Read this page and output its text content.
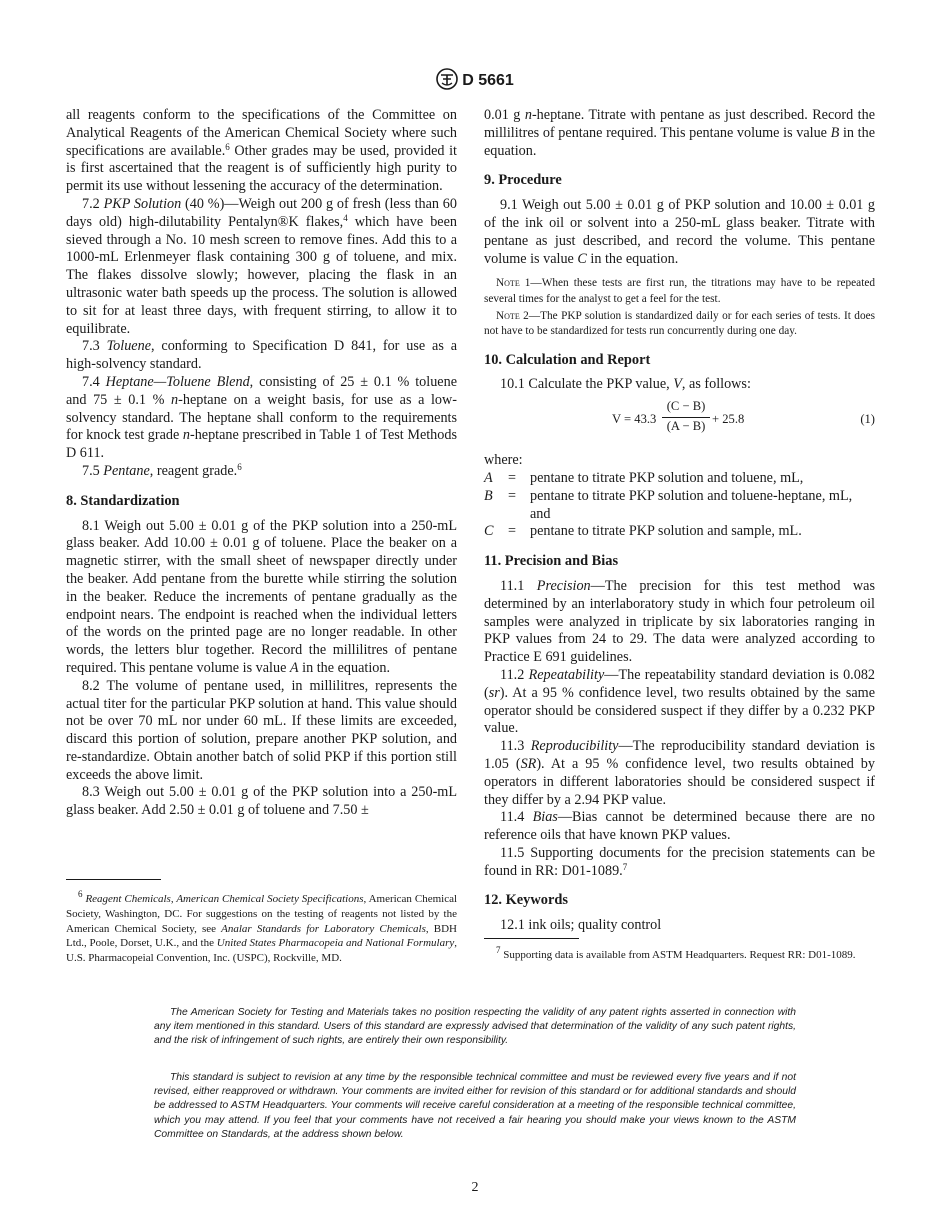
D 5661

all reagents conform to the specifications of the Committee on Analytical Reagents of the American Chemical Society where such specifications are available.$^6$ Other grades may be used, provided it is first ascertained that the reagent is of sufficiently high purity to permit its use without lessening the accuracy of the determination.

7.2 PKP Solution (40 %)—Weigh out 200 g of fresh (less than 60 days old) high-dilutability Pentalyn®K flakes,$^4$ which have been sieved through a No. 10 mesh screen to remove fines. Add this to a 1000-mL Erlenmeyer flask containing 300 g of toluene, and mix. The flakes dissolve slowly; however, placing the flask in an ultrasonic water bath speeds up the process. The solution is allowed to sit for at least three days, with frequent stirring, to allow it to equilibrate.

7.3 Toluene, conforming to Specification D 841, for use as a high-solvency standard.

7.4 Heptane—Toluene Blend, consisting of 25 ± 0.1 % toluene and 75 ± 0.1 % n-heptane on a weight basis, for use as a low-solvency standard. The heptane shall conform to the requirements for knock test grade n-heptane prescribed in Table 1 of Test Methods D 611.

7.5 Pentane, reagent grade.$^6$

8. Standardization

8.1 Weigh out 5.00 ± 0.01 g of the PKP solution into a 250-mL glass beaker. Add 10.00 ± 0.01 g of toluene. Place the beaker on a magnetic stirrer, with the small sheet of newspaper directly under the beaker. Add pentane from the burette while stirring the solution in the beaker. Reduce the increments of pentane gradually as the endpoint nears. The endpoint is reached when the individual letters of the words on the printed page are no longer readable. In other words, the letters blur together. Record the millilitres of pentane required. This pentane volume is value A in the equation.

8.2 The volume of pentane used, in millilitres, represents the actual titer for the particular PKP solution at hand. This value should not be over 70 mL nor under 60 mL. If these limits are exceeded, discard this portion of solution, prepare another PKP solution, and re-standardize. Obtain another batch of solid PKP if this portion still exceeds the above limit.

8.3 Weigh out 5.00 ± 0.01 g of the PKP solution into a 250-mL glass beaker. Add 2.50 ± 0.01 g of toluene and 7.50 ±

0.01 g n-heptane. Titrate with pentane as just described. Record the millilitres of pentane required. This pentane volume is value B in the equation.

9. Procedure

9.1 Weigh out 5.00 ± 0.01 g of PKP solution and 10.00 ± 0.01 g of the ink oil or solvent into a 250-mL glass beaker. Titrate with pentane as just described, and record the volume. This pentane volume is value C in the equation.

Note 1—When these tests are first run, the titrations may have to be repeated several times for the analyst to get a feel for the test.

Note 2—The PKP solution is standardized daily or for each series of tests. It does not have to be standardized for tests run concurrently during one day.

10. Calculation and Report

10.1 Calculate the PKP value, V, as follows:

$V = 43.3 \frac{(C - B)}{(A - B)} + 25.8$	(1)

where:

A	= pentane to titrate PKP solution and toluene, mL,
B	= pentane to titrate PKP solution and toluene-heptane, mL, and
C	= pentane to titrate PKP solution and sample, mL.
11. Precision and Bias

11.1 Precision—The precision for this test method was determined by an interlaboratory study in which four petroleum oil samples were analyzed in triplicate by six laboratories ranging in PKP values from 24 to 29. The data were analyzed according to Practice E 691 guidelines.

11.2 Repeatability—The repeatability standard deviation is 0.082 (sr). At a 95 % confidence level, two results obtained by the same operator should be considered suspect if they differ by a 0.232 PKP value.

11.3 Reproducibility—The reproducibility standard deviation is 1.05 (SR). At a 95 % confidence level, two results obtained by operators in different laboratories should be considered suspect if they differ by a 2.94 PKP value.

11.4 Bias—Bias cannot be determined because there are no reference oils that have known PKP values.

11.5 Supporting documents for the precision statements can be found in RR: D01-1089.$^7$

12. Keywords

12.1 ink oils; quality control

$^6$ Reagent Chemicals, American Chemical Society Specifications, American Chemical Society, Washington, DC. For suggestions on the testing of reagents not listed by the American Chemical Society, see Analar Standards for Laboratory Chemicals, BDH Ltd., Poole, Dorset, U.K., and the United States Pharmacopeia and National Formulary, U.S. Pharmacopeial Convention, Inc. (USPC), Rockville, MD.

$^7$ Supporting data is available from ASTM Headquarters. Request RR: D01-1089.

The American Society for Testing and Materials takes no position respecting the validity of any patent rights asserted in connection with any item mentioned in this standard. Users of this standard are expressly advised that determination of the validity of any such patent rights, and the risk of infringement of such rights, are entirely their own responsibility.

This standard is subject to revision at any time by the responsible technical committee and must be reviewed every five years and if not revised, either reapproved or withdrawn. Your comments are invited either for revision of this standard or for additional standards and should be addressed to ASTM Headquarters. Your comments will receive careful consideration at a meeting of the responsible technical committee, which you may attend. If you feel that your comments have not received a fair hearing you should make your views known to the ASTM Committee on Standards, at the address shown below.

2
